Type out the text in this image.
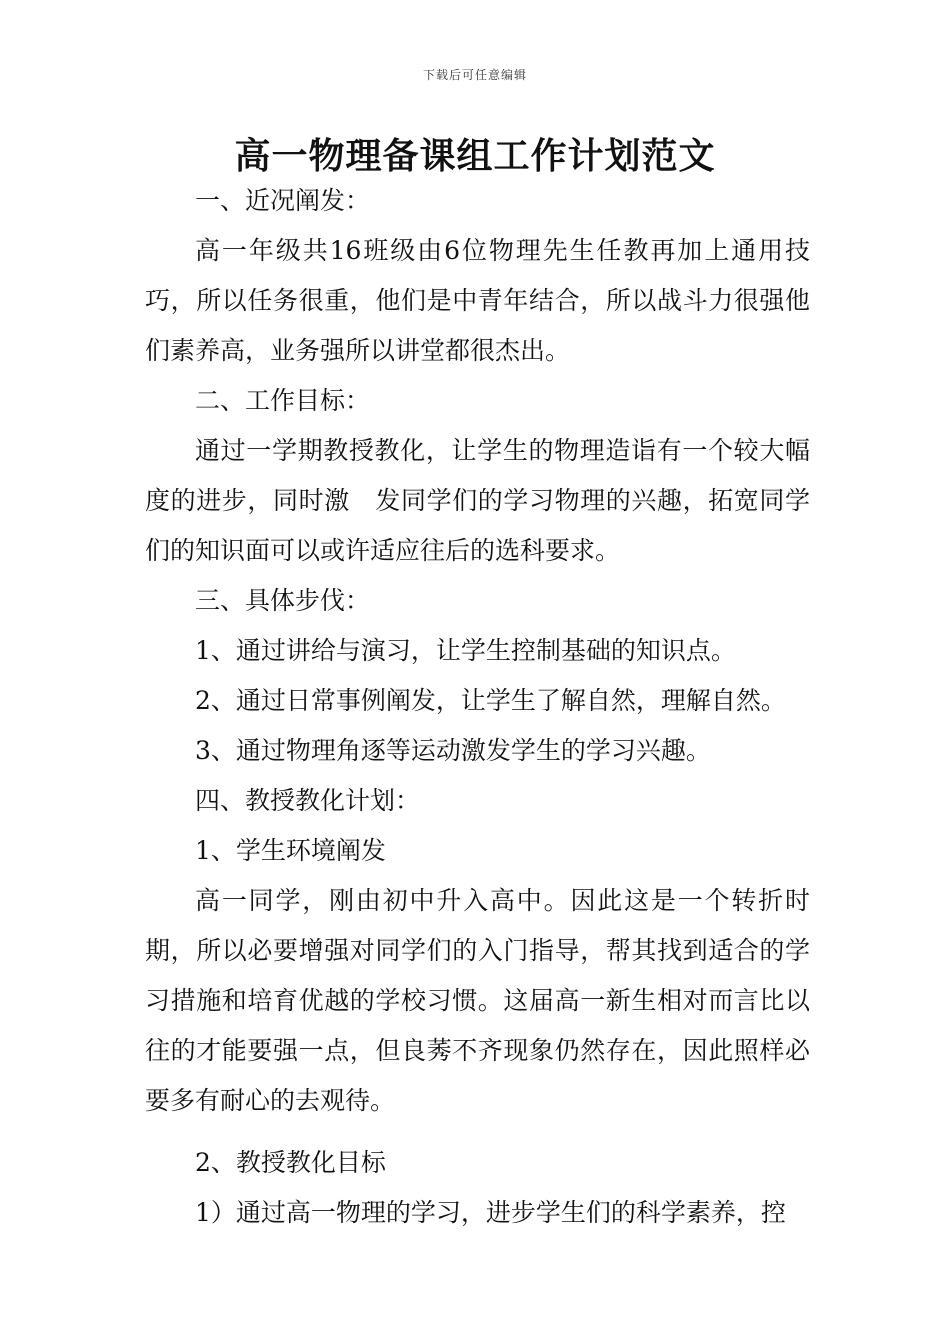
下载后可任意编辑
高一物理备课组工作计划范文

一、近况阐发：

高一年级共16班级由6位物理先生任教再加上通用技巧，所以任务很重，他们是中青年结合，所以战斗力很强他们素养高，业务强所以讲堂都很杰出。

二、工作目标：

通过一学期教授教化，让学生的物理造诣有一个较大幅度的进步，同时激　发同学们的学习物理的兴趣，拓宽同学们的知识面可以或许适应往后的选科要求。

三、具体步伐：

1、通过讲给与演习，让学生控制基础的知识点。

2、通过日常事例阐发，让学生了解自然，理解自然。

3、通过物理角逐等运动激发学生的学习兴趣。

四、教授教化计划：

1、学生环境阐发

高一同学，刚由初中升入高中。因此这是一个转折时期，所以必要增强对同学们的入门指导，帮其找到适合的学习措施和培育优越的学校习惯。这届高一新生相对而言比以往的才能要强一点，但良莠不齐现象仍然存在，因此照样必要多有耐心的去观待。

2、教授教化目标

1）通过高一物理的学习，进步学生们的科学素养，控
